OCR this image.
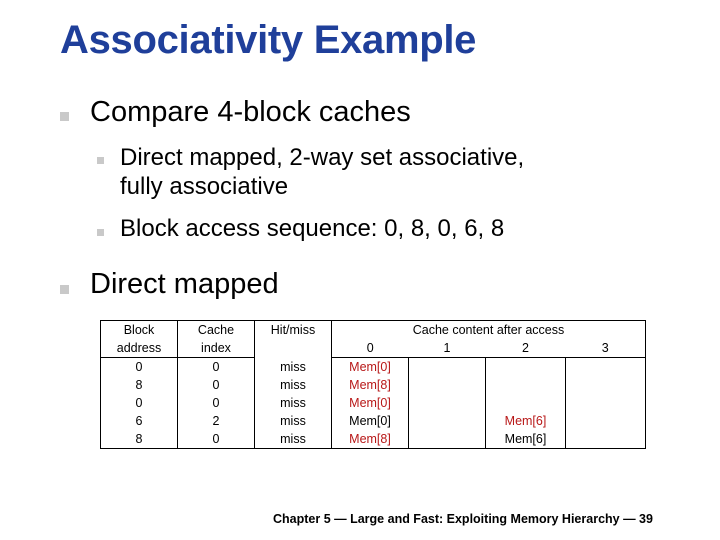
Associativity Example
Compare 4-block caches
Direct mapped, 2-way set associative,
fully associative
Block access sequence: 0, 8, 0, 6, 8
Direct mapped
Block	Cache	Hit/miss	Cache content after access			
address	index		0	1	2	3
0	0	miss	Mem[0]			
8	0	miss	Mem[8]			
0	0	miss	Mem[0]			
6	2	miss	Mem[0]		Mem[6]	
8	0	miss	Mem[8]		Mem[6]	
Chapter 5 — Large and Fast: Exploiting Memory Hierarchy — 39
